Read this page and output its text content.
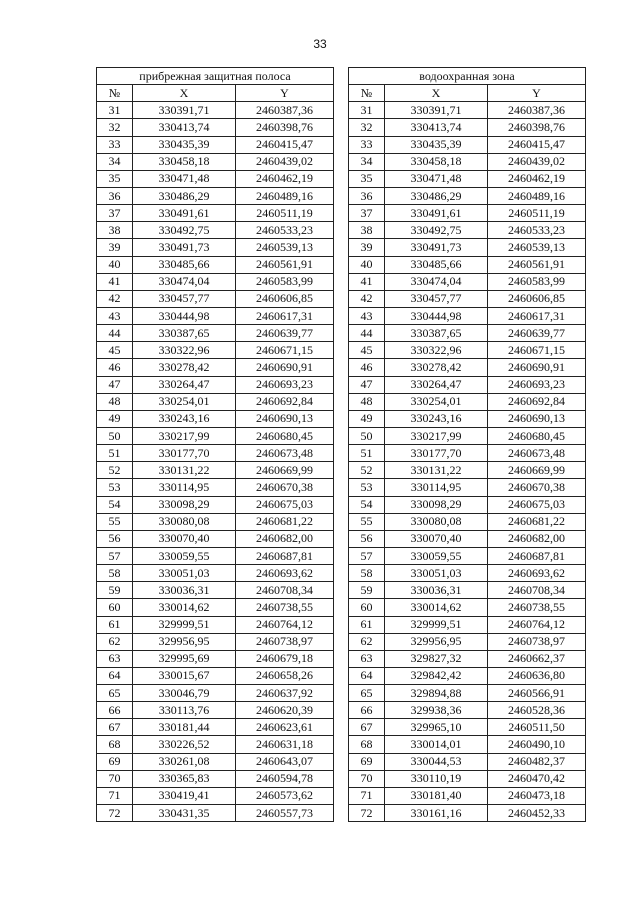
33
прибрежная защитная полоса				водоохранная зона		
№	X	Y		№	X	Y
31	330391,71	2460387,36		31	330391,71	2460387,36
32	330413,74	2460398,76		32	330413,74	2460398,76
33	330435,39	2460415,47		33	330435,39	2460415,47
34	330458,18	2460439,02		34	330458,18	2460439,02
35	330471,48	2460462,19		35	330471,48	2460462,19
36	330486,29	2460489,16		36	330486,29	2460489,16
37	330491,61	2460511,19		37	330491,61	2460511,19
38	330492,75	2460533,23		38	330492,75	2460533,23
39	330491,73	2460539,13		39	330491,73	2460539,13
40	330485,66	2460561,91		40	330485,66	2460561,91
41	330474,04	2460583,99		41	330474,04	2460583,99
42	330457,77	2460606,85		42	330457,77	2460606,85
43	330444,98	2460617,31		43	330444,98	2460617,31
44	330387,65	2460639,77		44	330387,65	2460639,77
45	330322,96	2460671,15		45	330322,96	2460671,15
46	330278,42	2460690,91		46	330278,42	2460690,91
47	330264,47	2460693,23		47	330264,47	2460693,23
48	330254,01	2460692,84		48	330254,01	2460692,84
49	330243,16	2460690,13		49	330243,16	2460690,13
50	330217,99	2460680,45		50	330217,99	2460680,45
51	330177,70	2460673,48		51	330177,70	2460673,48
52	330131,22	2460669,99		52	330131,22	2460669,99
53	330114,95	2460670,38		53	330114,95	2460670,38
54	330098,29	2460675,03		54	330098,29	2460675,03
55	330080,08	2460681,22		55	330080,08	2460681,22
56	330070,40	2460682,00		56	330070,40	2460682,00
57	330059,55	2460687,81		57	330059,55	2460687,81
58	330051,03	2460693,62		58	330051,03	2460693,62
59	330036,31	2460708,34		59	330036,31	2460708,34
60	330014,62	2460738,55		60	330014,62	2460738,55
61	329999,51	2460764,12		61	329999,51	2460764,12
62	329956,95	2460738,97		62	329956,95	2460738,97
63	329995,69	2460679,18		63	329827,32	2460662,37
64	330015,67	2460658,26		64	329842,42	2460636,80
65	330046,79	2460637,92		65	329894,88	2460566,91
66	330113,76	2460620,39		66	329938,36	2460528,36
67	330181,44	2460623,61		67	329965,10	2460511,50
68	330226,52	2460631,18		68	330014,01	2460490,10
69	330261,08	2460643,07		69	330044,53	2460482,37
70	330365,83	2460594,78		70	330110,19	2460470,42
71	330419,41	2460573,62		71	330181,40	2460473,18
72	330431,35	2460557,73		72	330161,16	2460452,33
